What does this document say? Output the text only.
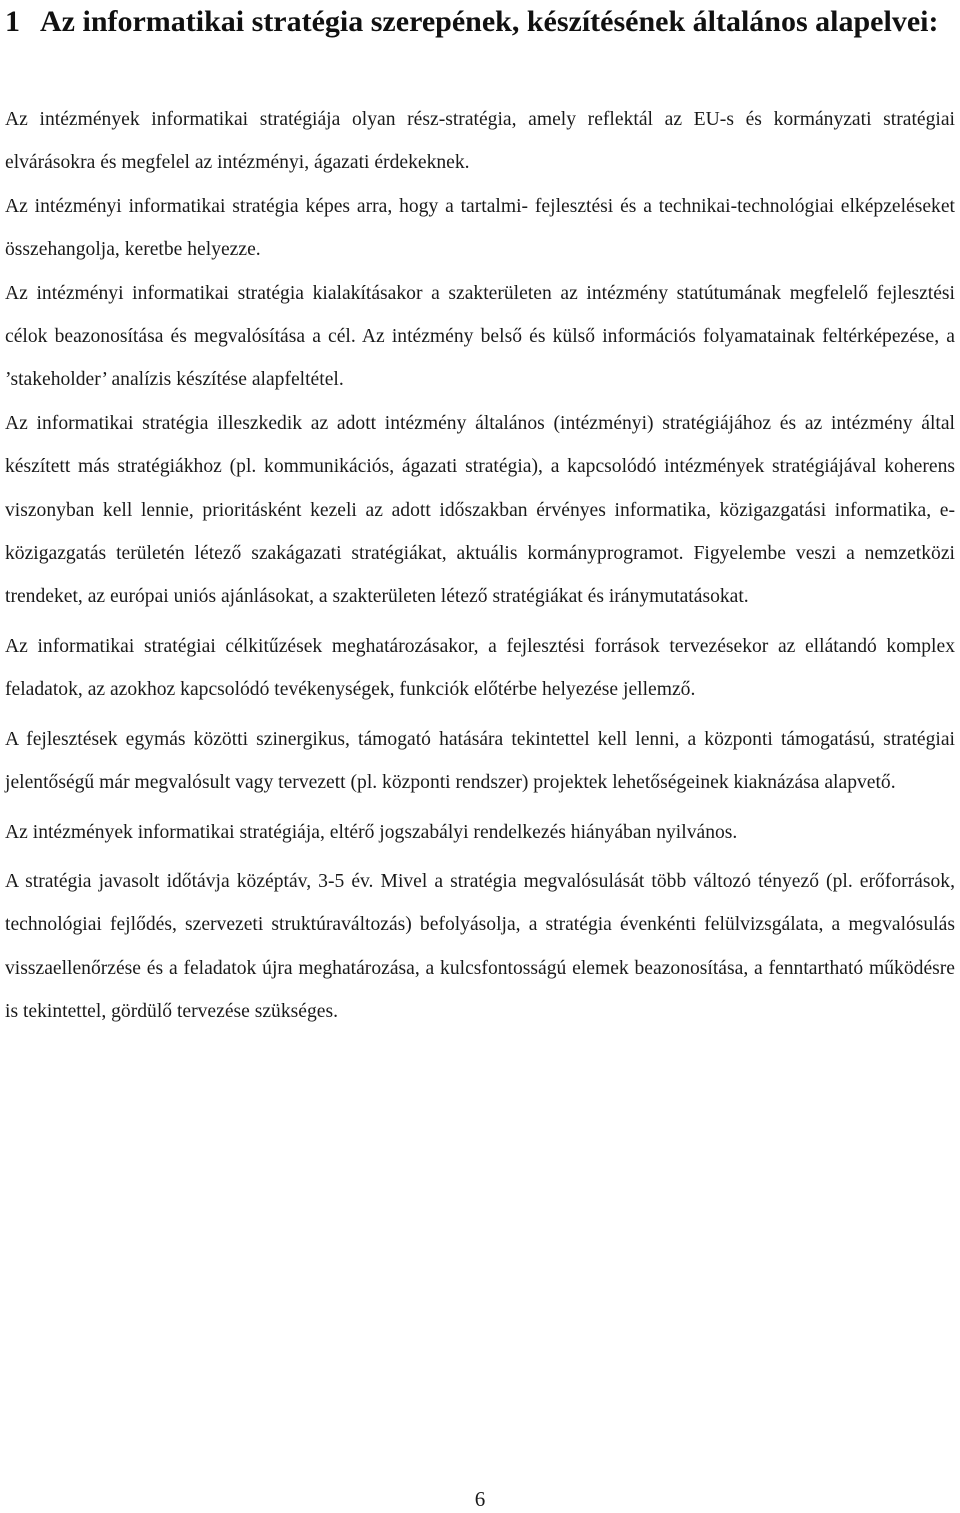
1 Az informatikai stratégia szerepének, készítésének általános alapelvei:

Az intézmények informatikai stratégiája olyan rész-stratégia, amely reflektál az EU-s és kormányzati stratégiai elvárásokra és megfelel az intézményi, ágazati érdekeknek.

Az intézményi informatikai stratégia képes arra, hogy a tartalmi- fejlesztési és a technikai-technológiai elképzeléseket összehangolja, keretbe helyezze.

Az intézményi informatikai stratégia kialakításakor a szakterületen az intézmény statútumának megfelelő fejlesztési célok beazonosítása és megvalósítása a cél. Az intézmény belső és külső információs folyamatainak feltérképezése, a ’stakeholder’ analízis készítése alapfeltétel.

Az informatikai stratégia illeszkedik az adott intézmény általános (intézményi) stratégiájához és az intézmény által készített más stratégiákhoz (pl. kommunikációs, ágazati stratégia), a kapcsolódó intézmények stratégiájával koherens viszonyban kell lennie, prioritásként kezeli az adott időszakban érvényes informatika, közigazgatási informatika, e-közigazgatás területén létező szakágazati stratégiákat, aktuális kormányprogramot. Figyelembe veszi a nemzetközi trendeket, az európai uniós ajánlásokat, a szakterületen létező stratégiákat és iránymutatásokat.

Az informatikai stratégiai célkitűzések meghatározásakor, a fejlesztési források tervezésekor az ellátandó komplex feladatok, az azokhoz kapcsolódó tevékenységek, funkciók előtérbe helyezése jellemző.

A fejlesztések egymás közötti szinergikus, támogató hatására tekintettel kell lenni, a központi támogatású, stratégiai jelentőségű már megvalósult vagy tervezett (pl. központi rendszer) projektek lehetőségeinek kiaknázása alapvető.

Az intézmények informatikai stratégiája, eltérő jogszabályi rendelkezés hiányában nyilvános.

A stratégia javasolt időtávja középtáv, 3-5 év. Mivel a stratégia megvalósulását több változó tényező (pl. erőforrások, technológiai fejlődés, szervezeti struktúraváltozás) befolyásolja, a stratégia évenkénti felülvizsgálata, a megvalósulás visszaellenőrzése és a feladatok újra meghatározása, a kulcsfontosságú elemek beazonosítása, a fenntartható működésre is tekintettel, gördülő tervezése szükséges.

6
